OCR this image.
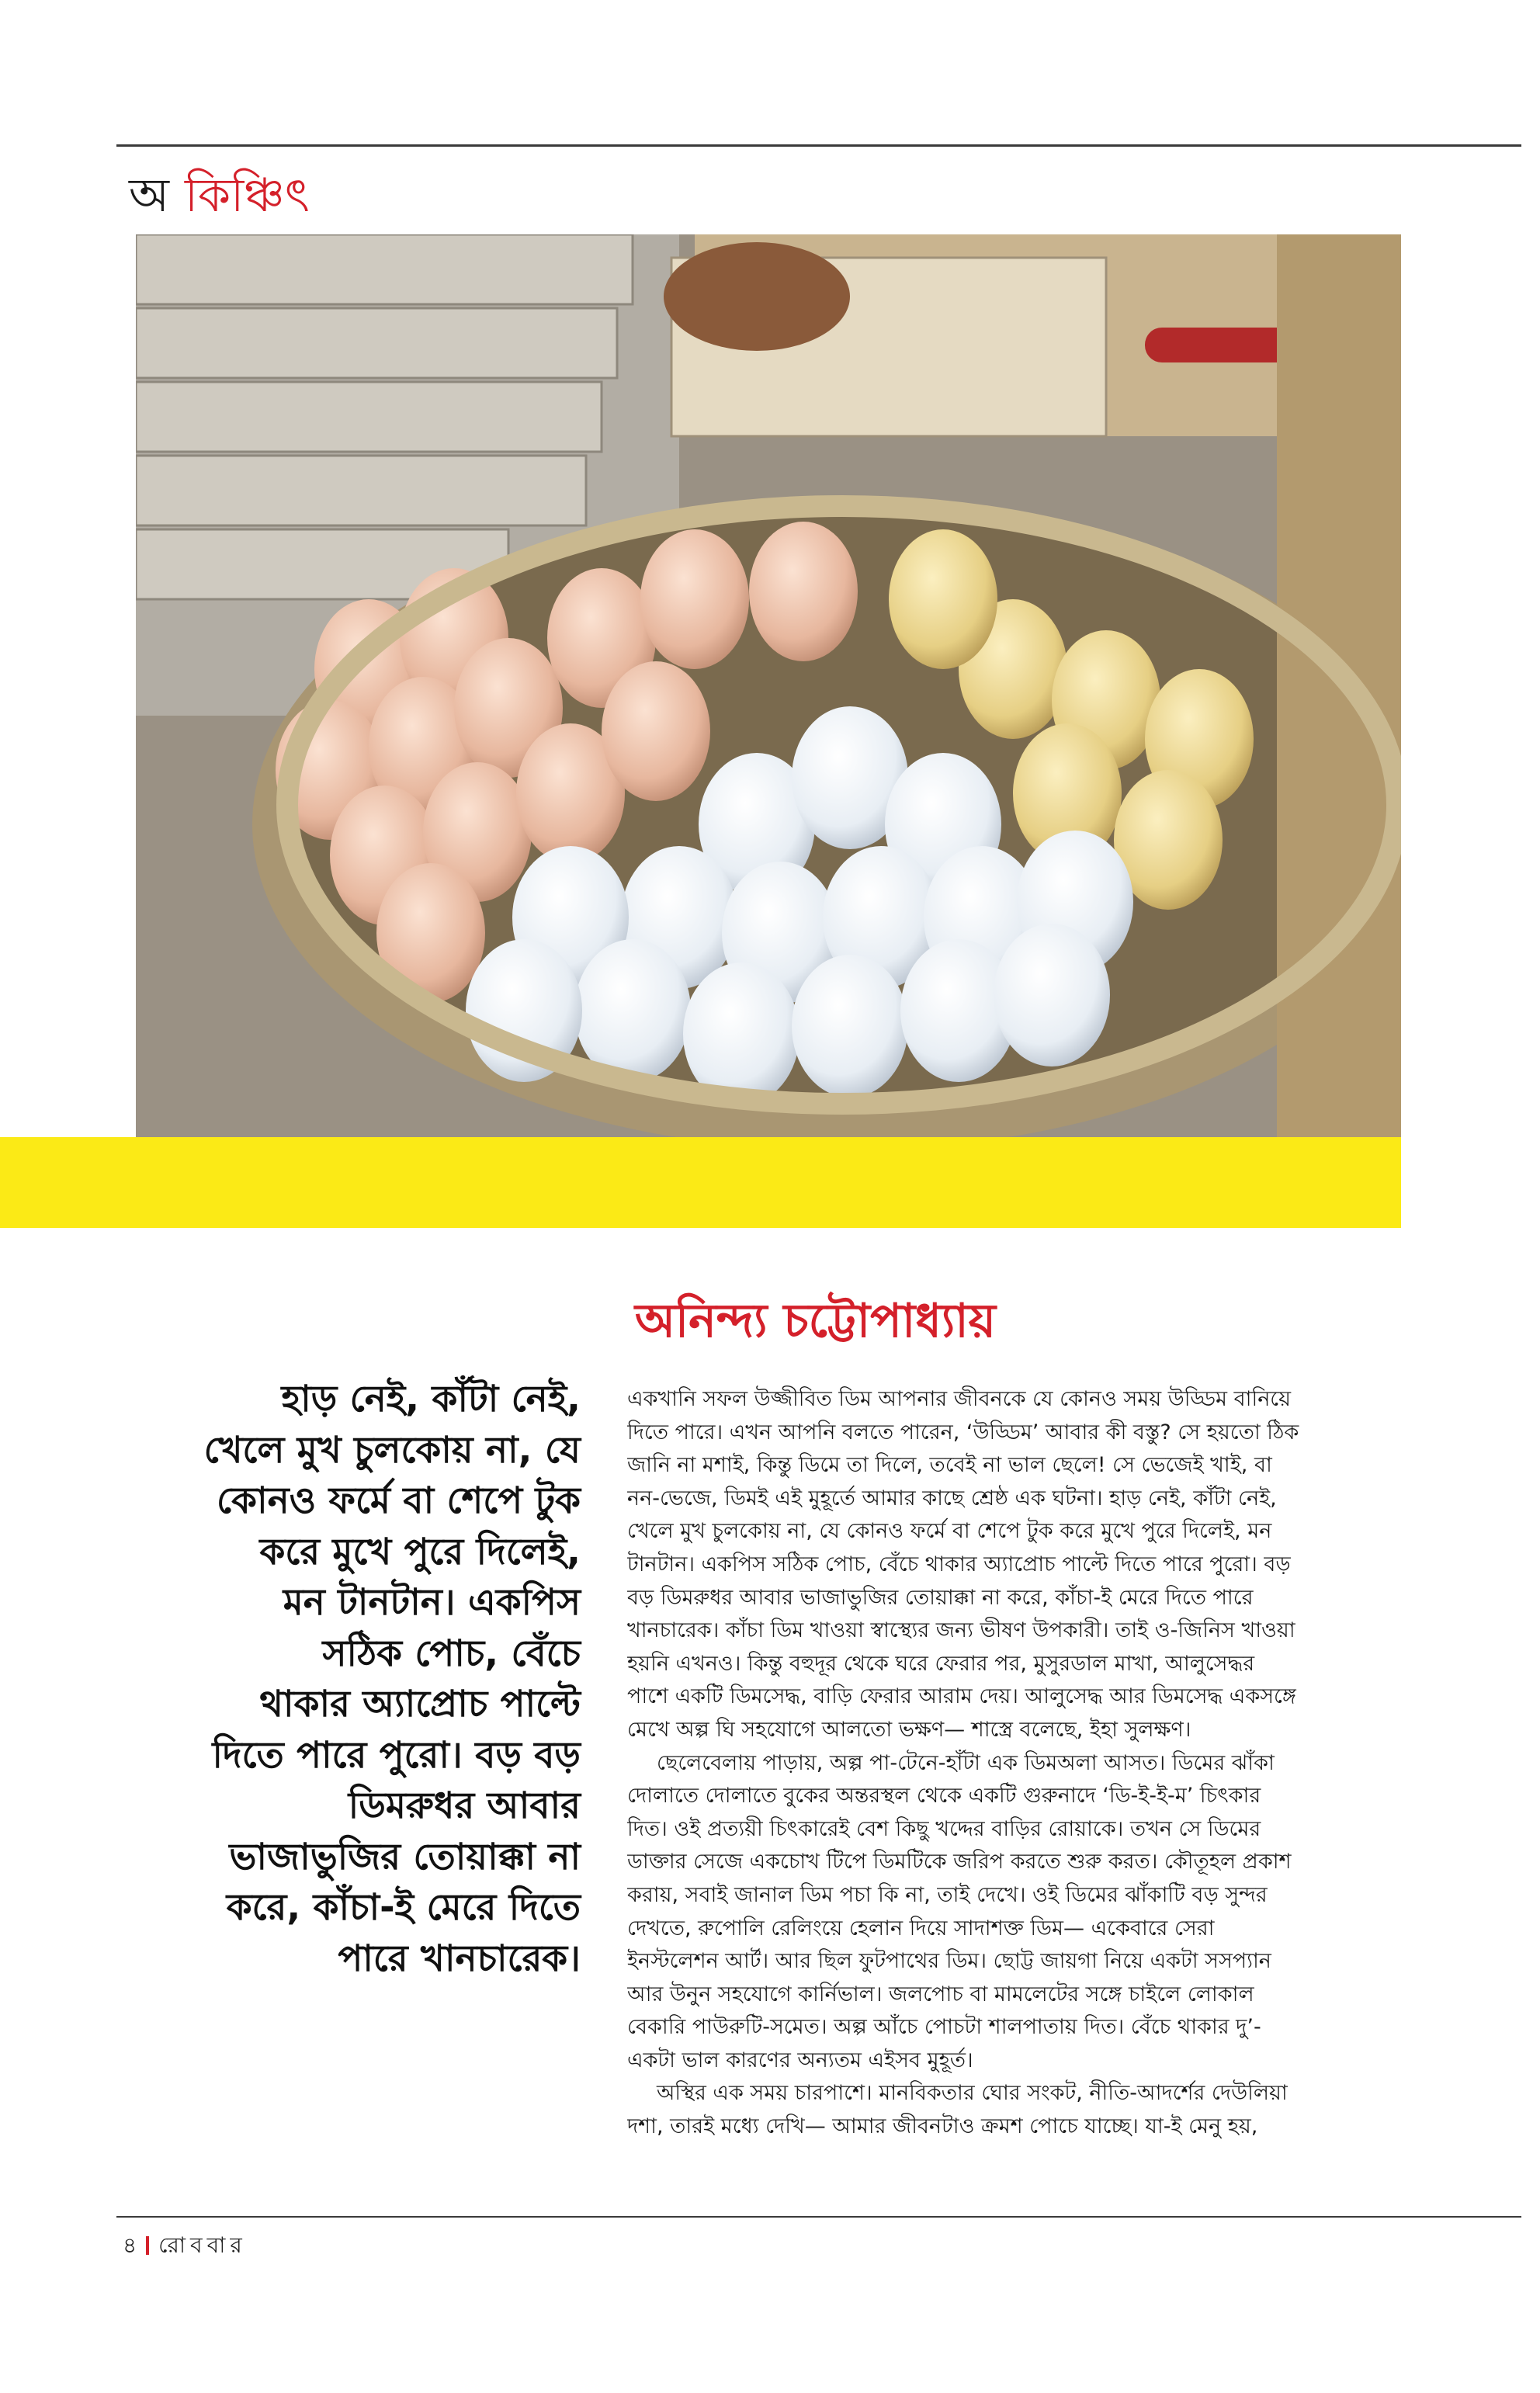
অ কিঞ্চিৎ
অনিন্দ্য চট্টোপাধ্যায়
হাড় নেই, কাঁটা নেই,
খেলে মুখ চুলকোয় না, যে
কোনও ফর্মে বা শেপে টুক
করে মুখে পুরে দিলেই,
মন টানটান। একপিস
সঠিক পোচ, বেঁচে
থাকার অ্যাপ্রোচ পাল্টে
দিতে পারে পুরো। বড় বড়
ডিমরুধর আবার
ভাজাভুজির তোয়াক্কা না
করে, কাঁচা-ই মেরে দিতে
পারে খানচারেক।
একখানি সফল উজ্জীবিত ডিম আপনার জীবনকে যে কোনও সময় উড্ডিম বানিয়ে
দিতে পারে। এখন আপনি বলতে পারেন, ‘উড্ডিম’ আবার কী বস্তু? সে হয়তো ঠিক
জানি না মশাই, কিন্তু ডিমে তা দিলে, তবেই না ভাল ছেলে! সে ভেজেই খাই, বা
নন-ভেজে, ডিমই এই মুহূর্তে আমার কাছে শ্রেষ্ঠ এক ঘটনা। হাড় নেই, কাঁটা নেই,
খেলে মুখ চুলকোয় না, যে কোনও ফর্মে বা শেপে টুক করে মুখে পুরে দিলেই, মন
টানটান। একপিস সঠিক পোচ, বেঁচে থাকার অ্যাপ্রোচ পাল্টে দিতে পারে পুরো। বড়
বড় ডিমরুধর আবার ভাজাভুজির তোয়াক্কা না করে, কাঁচা-ই মেরে দিতে পারে
খানচারেক। কাঁচা ডিম খাওয়া স্বাস্থ্যের জন্য ভীষণ উপকারী। তাই ও-জিনিস খাওয়া
হয়নি এখনও। কিন্তু বহুদূর থেকে ঘরে ফেরার পর, মুসুরডাল মাখা, আলুসেদ্ধর
পাশে একটি ডিমসেদ্ধ, বাড়ি ফেরার আরাম দেয়। আলুসেদ্ধ আর ডিমসেদ্ধ একসঙ্গে
মেখে অল্প ঘি সহযোগে আলতো ভক্ষণ— শাস্ত্রে বলেছে, ইহা সুলক্ষণ।
ছেলেবেলায় পাড়ায়, অল্প পা-টেনে-হাঁটা এক ডিমঅলা আসত। ডিমের ঝাঁকা
দোলাতে দোলাতে বুকের অন্তরস্থল থেকে একটি গুরুনাদে ‘ডি-ই-ই-ম’ চিৎকার
দিত। ওই প্রত্যয়ী চিৎকারেই বেশ কিছু খদ্দের বাড়ির রোয়াকে। তখন সে ডিমের
ডাক্তার সেজে একচোখ টিপে ডিমটিকে জরিপ করতে শুরু করত। কৌতূহল প্রকাশ
করায়, সবাই জানাল ডিম পচা কি না, তাই দেখে। ওই ডিমের ঝাঁকাটি বড় সুন্দর
দেখতে, রুপোলি রেলিংয়ে হেলান দিয়ে সাদাশক্ত ডিম— একেবারে সেরা
ইনস্টলেশন আর্ট। আর ছিল ফুটপাথের ডিম। ছোট্ট জায়গা নিয়ে একটা সসপ্যান
আর উনুন সহযোগে কার্নিভাল। জলপোচ বা মামলেটের সঙ্গে চাইলে লোকাল
বেকারি পাউরুটি-সমেত। অল্প আঁচে পোচটা শালপাতায় দিত। বেঁচে থাকার দু’-
একটা ভাল কারণের অন্যতম এইসব মুহূর্ত।
অস্থির এক সময় চারপাশে। মানবিকতার ঘোর সংকট, নীতি-আদর্শের দেউলিয়া
দশা, তারই মধ্যে দেখি— আমার জীবনটাও ক্রমশ পোচে যাচ্ছে। যা-ই মেনু হয়,
৪ রোববার
